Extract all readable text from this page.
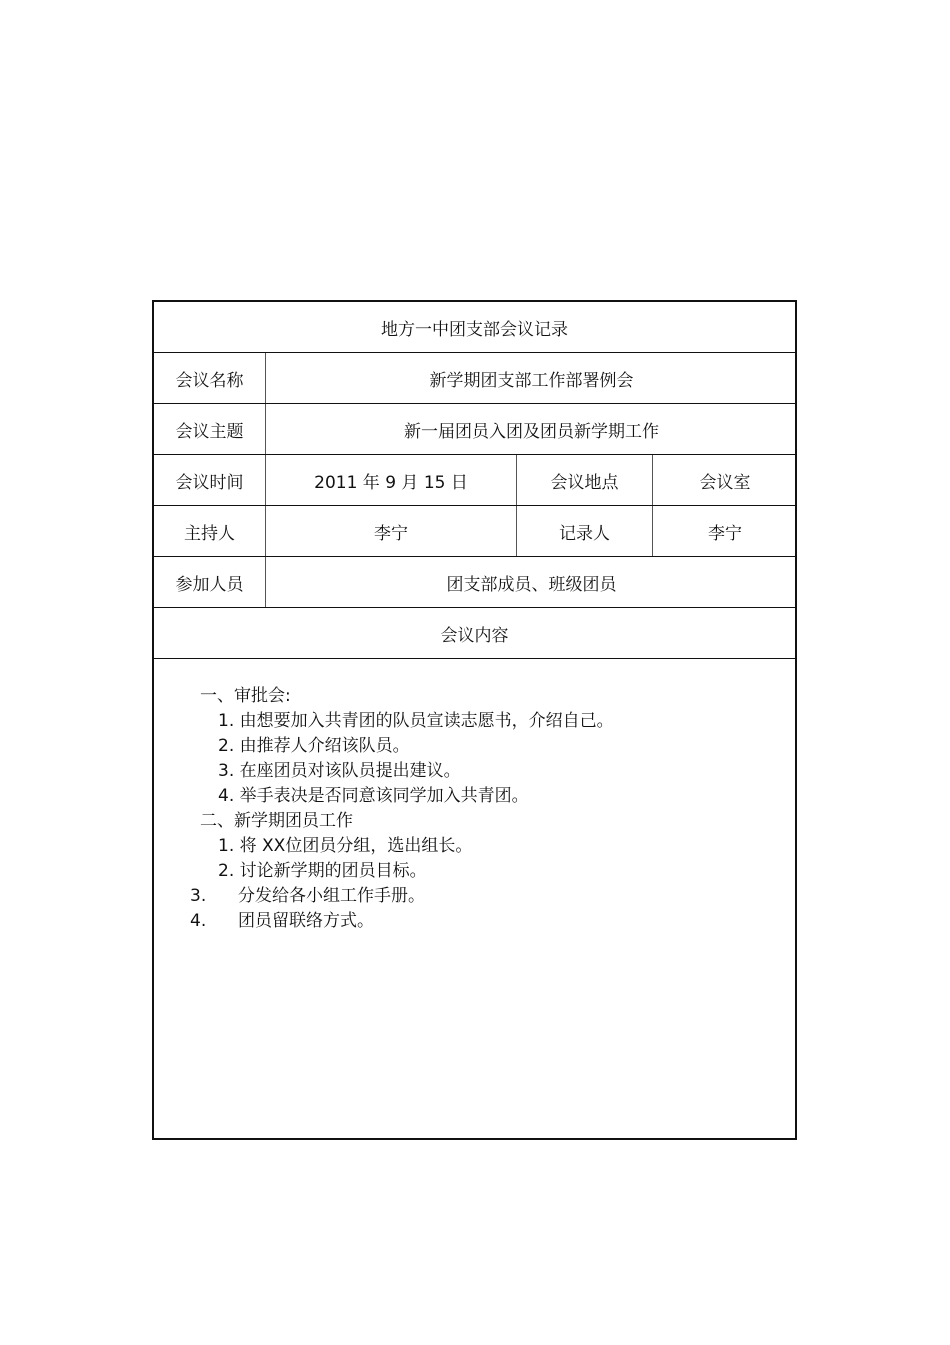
地方一中团支部会议记录
会议名称	新学期团支部工作部署例会
会议主题	新一届团员入团及团员新学期工作
会议时间	2011 年 9 月 15 日	会议地点	会议室
主持人	李宁	记录人	李宁
参加人员	团支部成员、班级团员
会议内容
一、审批会:
1. 由想要加入共青团的队员宣读志愿书，介绍自己。
2. 由推荐人介绍该队员。
3. 在座团员对该队员提出建议。
4. 举手表决是否同意该同学加入共青团。
二、新学期团员工作
1. 将 XX位团员分组，选出组长。
2. 讨论新学期的团员目标。
3. 分发给各小组工作手册。
4. 团员留联络方式。
